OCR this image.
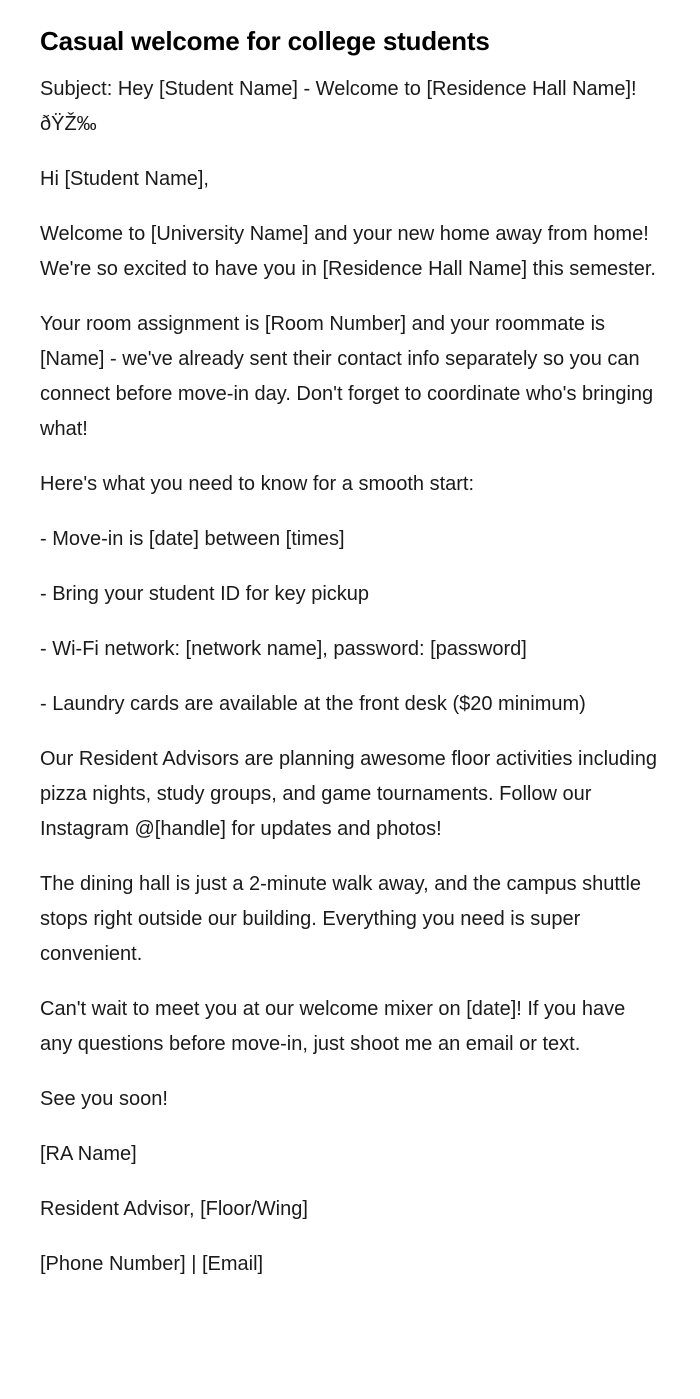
Casual welcome for college students

Subject: Hey [Student Name] - Welcome to [Residence Hall Name]! ðŸŽ‰

Hi [Student Name],

Welcome to [University Name] and your new home away from home! We're so excited to have you in [Residence Hall Name] this semester.

Your room assignment is [Room Number] and your roommate is [Name] - we've already sent their contact info separately so you can connect before move-in day. Don't forget to coordinate who's bringing what!

Here's what you need to know for a smooth start:

- Move-in is [date] between [times]

- Bring your student ID for key pickup

- Wi-Fi network: [network name], password: [password]

- Laundry cards are available at the front desk ($20 minimum)

Our Resident Advisors are planning awesome floor activities including pizza nights, study groups, and game tournaments. Follow our Instagram @[handle] for updates and photos!

The dining hall is just a 2-minute walk away, and the campus shuttle stops right outside our building. Everything you need is super convenient.

Can't wait to meet you at our welcome mixer on [date]! If you have any questions before move-in, just shoot me an email or text.

See you soon!

[RA Name]

Resident Advisor, [Floor/Wing]

[Phone Number] | [Email]
